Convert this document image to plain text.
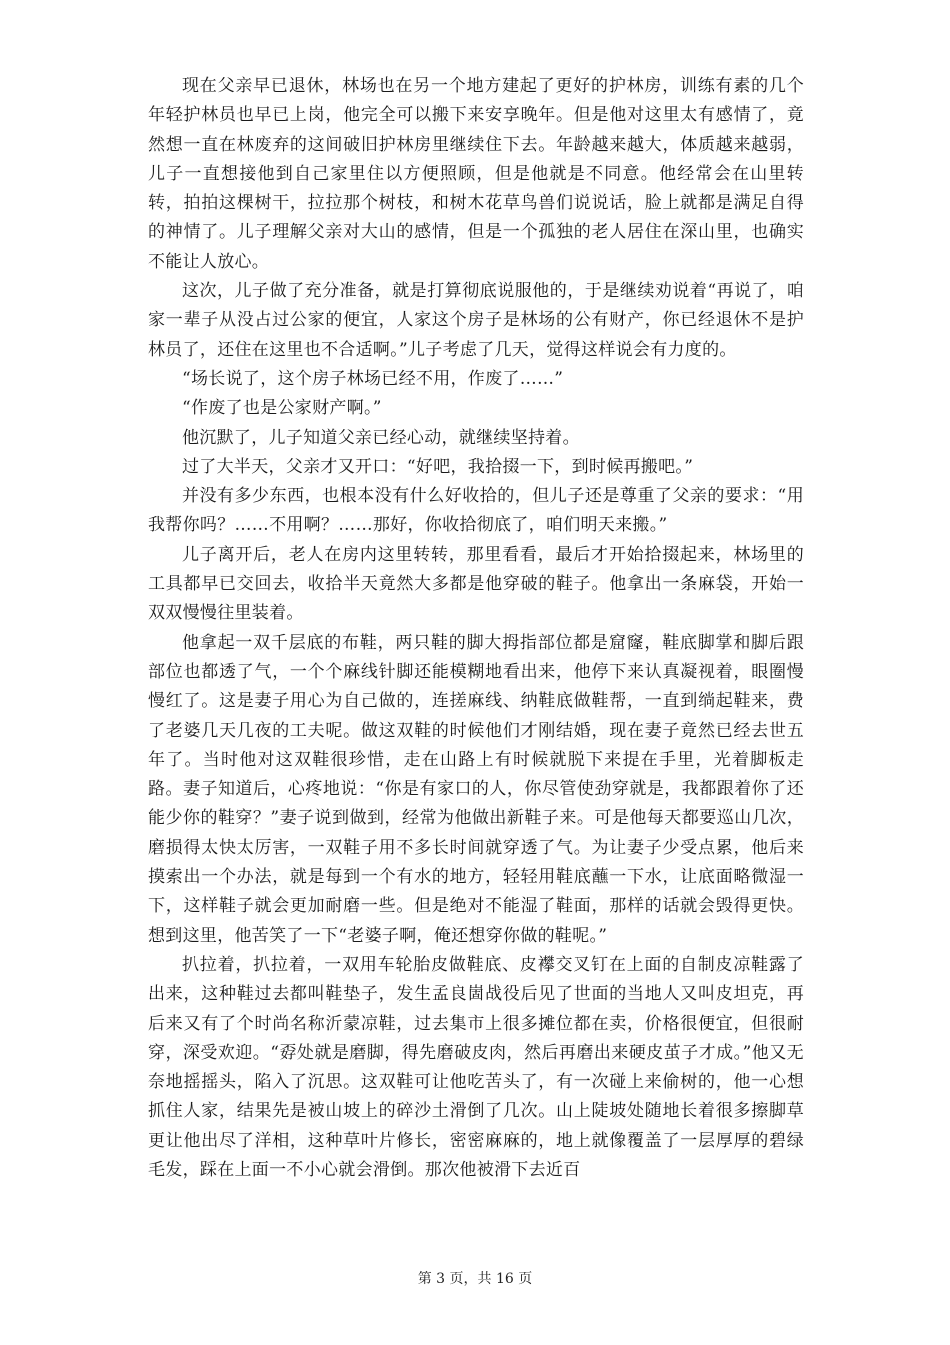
现在父亲早已退休，林场也在另一个地方建起了更好的护林房，训练有素的几个年轻护林员也早已上岗，他完全可以搬下来安享晚年。但是他对这里太有感情了，竟然想一直在林废弃的这间破旧护林房里继续住下去。年龄越来越大，体质越来越弱，儿子一直想接他到自己家里住以方便照顾，但是他就是不同意。他经常会在山里转转，拍拍这棵树干，拉拉那个树枝，和树木花草鸟兽们说说话，脸上就都是满足自得的神情了。儿子理解父亲对大山的感情，但是一个孤独的老人居住在深山里，也确实不能让人放心。

这次，儿子做了充分准备，就是打算彻底说服他的，于是继续劝说着“再说了，咱家一辈子从没占过公家的便宜，人家这个房子是林场的公有财产，你已经退休不是护林员了，还住在这里也不合适啊。”儿子考虑了几天，觉得这样说会有力度的。

“场长说了，这个房子林场已经不用，作废了……”

“作废了也是公家财产啊。”

他沉默了，儿子知道父亲已经心动，就继续坚持着。

过了大半天，父亲才又开口：“好吧，我拾掇一下，到时候再搬吧。”

并没有多少东西，也根本没有什么好收拾的，但儿子还是尊重了父亲的要求：“用我帮你吗？……不用啊？……那好，你收拾彻底了，咱们明天来搬。”

儿子离开后，老人在房内这里转转，那里看看，最后才开始拾掇起来，林场里的工具都早已交回去，收拾半天竟然大多都是他穿破的鞋子。他拿出一条麻袋，开始一双双慢慢往里装着。

他拿起一双千层底的布鞋，两只鞋的脚大拇指部位都是窟窿，鞋底脚掌和脚后跟部位也都透了气，一个个麻线针脚还能模糊地看出来，他停下来认真凝视着，眼圈慢慢红了。这是妻子用心为自己做的，连搓麻线、纳鞋底做鞋帮，一直到绱起鞋来，费了老婆几天几夜的工夫呢。做这双鞋的时候他们才刚结婚，现在妻子竟然已经去世五年了。当时他对这双鞋很珍惜，走在山路上有时候就脱下来提在手里，光着脚板走路。妻子知道后，心疼地说：“你是有家口的人，你尽管使劲穿就是，我都跟着你了还能少你的鞋穿？”妻子说到做到，经常为他做出新鞋子来。可是他每天都要巡山几次，磨损得太快太厉害，一双鞋子用不多长时间就穿透了气。为让妻子少受点累，他后来摸索出一个办法，就是每到一个有水的地方，轻轻用鞋底蘸一下水，让底面略微湿一下，这样鞋子就会更加耐磨一些。但是绝对不能湿了鞋面，那样的话就会毁得更快。想到这里，他苦笑了一下“老婆子啊，俺还想穿你做的鞋呢。”

扒拉着，扒拉着，一双用车轮胎皮做鞋底、皮襻交叉钉在上面的自制皮凉鞋露了出来，这种鞋过去都叫鞋垫子，发生孟良崮战役后见了世面的当地人又叫皮坦克，再后来又有了个时尚名称沂蒙凉鞋，过去集市上很多摊位都在卖，价格很便宜，但很耐穿，深受欢迎。“孬处就是磨脚，得先磨破皮肉，然后再磨出来硬皮茧子才成。”他又无奈地摇摇头，陷入了沉思。这双鞋可让他吃苦头了，有一次碰上来偷树的，他一心想抓住人家，结果先是被山坡上的碎沙土滑倒了几次。山上陡坡处随地长着很多擦脚草更让他出尽了洋相，这种草叶片修长，密密麻麻的，地上就像覆盖了一层厚厚的碧绿毛发，踩在上面一不小心就会滑倒。那次他被滑下去近百

第 3 页，共 16 页
